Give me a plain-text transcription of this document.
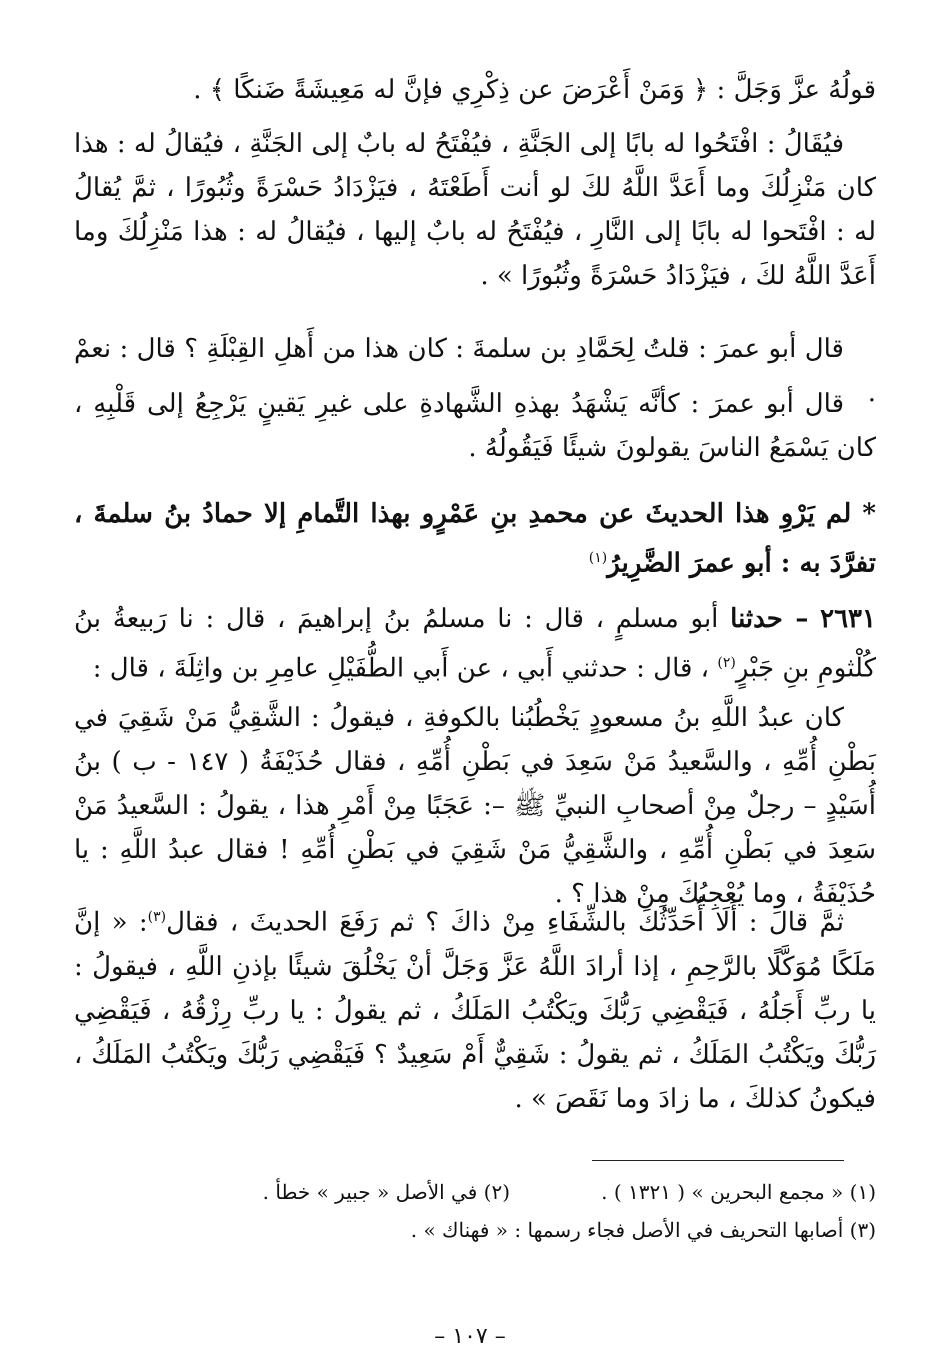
قولُهُ عزَّ وَجَلَّ : ﴿ وَمَنْ أَعْرَضَ عن ذِكْرِي فإنَّ له مَعِيشَةً ضَنكًا ﴾ .

فيُقَالُ : افْتَحُوا له بابًا إلى الجَنَّةِ ، فيُفْتَحُ له بابٌ إلى الجَنَّةِ ، فيُقالُ له : هذا كان مَنْزِلُكَ وما أَعَدَّ اللَّهُ لكَ لو أنت أَطَعْتَهُ ، فيَزْدَادُ حَسْرَةً وثُبُورًا ، ثمَّ يُقالُ له : افْتَحوا له بابًا إلى النَّارِ ، فيُفْتَحُ له بابٌ إليها ، فيُقالُ له : هذا مَنْزِلُكَ وما أَعَدَّ اللَّهُ لكَ ، فيَزْدَادُ حَسْرَةً وثُبُورًا » .

قال أبو عمرَ : قلتُ لِحَمَّادِ بن سلمةَ : كان هذا من أَهلِ القِبْلَةِ ؟ قال : نعمْ .

قال أبو عمرَ : كأنَّه يَشْهَدُ بهذهِ الشَّهادةِ على غيرِ يَقينٍ يَرْجِعُ إلى قَلْبِهِ ، كان يَسْمَعُ الناسَ يقولونَ شيئًا فَيَقُولُهُ .

* لم يَرْوِ هذا الحديثَ عن محمدِ بنِ عَمْرٍو بهذا التَّمامِ إلا حمادُ بنُ سلمةَ ، تفرَّدَ به : أبو عمرَ الضَّرِيرُ$^{(١)}$

٢٦٣١ – حدثنا أبو مسلمٍ ، قال : نا مسلمُ بنُ إبراهيمَ ، قال : نا رَبيعةُ بنُ كُلْثومِ بنِ جَبْرٍ$^{(٢)}$ ، قال : حدثني أَبي ، عن أَبي الطُّفَيْلِ عامِرِ بن واثِلَةَ ، قال :

كان عبدُ اللَّهِ بنُ مسعودٍ يَخْطُبُنا بالكوفةِ ، فيقولُ : الشَّقِيُّ مَنْ شَقِيَ في بَطْنِ أُمِّهِ ، والسَّعيدُ مَنْ سَعِدَ في بَطْنِ أُمِّهِ ، فقال حُذَيْفَةُ ( ١٤٧ - ب ) بنُ أُسَيْدٍ – رجلٌ مِنْ أصحابِ النبيِّ ﷺ –: عَجَبًا مِنْ أَمْرِ هذا ، يقولُ : السَّعيدُ مَنْ سَعِدَ في بَطْنِ أُمِّهِ ، والشَّقِيُّ مَنْ شَقِيَ في بَطْنِ أُمِّهِ ! فقال عبدُ اللَّهِ : يا حُذَيْفَةُ ، وما يُعْجِبُكَ مِنْ هذا ؟ .

ثمَّ قالَ : أَلَا أُحَدِّثُكَ بالشِّفَاءِ مِنْ ذاكَ ؟ ثم رَفَعَ الحديثَ ، فقال$^{(٣)}$: « إنَّ مَلَكًا مُوَكَّلًا بالرَّحِمِ ، إذا أرادَ اللَّهُ عَزَّ وَجَلَّ أنْ يَخْلُقَ شيئًا بإذنِ اللَّهِ ، فيقولُ : يا ربِّ أَجَلُهُ ، فَيَقْضِي رَبُّكَ ويَكْتُبُ المَلَكُ ، ثم يقولُ : يا ربِّ رِزْقُهُ ، فَيَقْضِي رَبُّكَ ويَكْتُبُ المَلَكُ ، ثم يقولُ : شَقِيٌّ أَمْ سَعِيدٌ ؟ فَيَقْضِي رَبُّكَ ويَكْتُبُ المَلَكُ ، فيكونُ كذلكَ ، ما زادَ وما نَقَصَ » .

(١) « مجمع البحرين » ( ١٣٢١ ) .
(٢) في الأصل « جبير » خطأ .
(٣) أصابها التحريف في الأصل فجاء رسمها : « فهناك » .
– ١٠٧ –
